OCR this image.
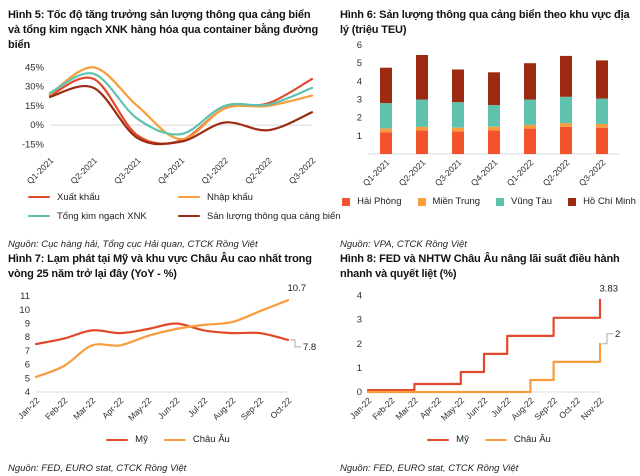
Hình 5: Tốc độ tăng trưởng sản lượng thông qua cảng biển và tổng kim ngạch XNK hàng hóa qua container bằng đường biển
-15%
0%
15%
30%
45%
Q1-2021 Q2-2021 Q3-2021 Q4-2021 Q1-2022 Q2-2022 Q3-2022
Xuất khẩu	Nhập khẩu
Tổng kim ngạch XNK	Sản lượng thông qua cảng biển
Nguồn: Cục hàng hải, Tổng cục Hải quan, CTCK Rồng Việt
Hình 6: Sản lượng thông qua cảng biển theo khu vực địa lý (triệu TEU)
1
2
3
4
5
6
Q1-2021 Q2-2021 Q3-2021 Q4-2021 Q1-2022 Q2-2022 Q3-2022
Hải Phòng	Miền Trung	Vũng Tàu	Hồ Chí Minh
Nguồn: VPA, CTCK Rồng Việt
Hình 7: Lạm phát tại Mỹ và khu vực Châu Âu cao nhất trong vòng 25 năm trở lại đây (YoY - %)
4
5
6
7
8
9
10
11
Jan-22 Feb-22 Mar-22 Apr-22 May-22 Jun-22 Jul-22 Aug-22 Sep-22 Oct-22
10.7
7.8
Mỹ	Châu Âu
Nguồn: FED, EURO stat, CTCK Rồng Việt
Hình 8: FED và NHTW Châu Âu nâng lãi suất điều hành nhanh và quyết liệt (%)
0
1
2
3
4
Jan-22
Feb-22
Mar-22
Apr-22
May-22
Jun-22 Jul-22
Aug-22
Sep-22
Oct-22
Nov-22
3.83
2
Mỹ	Châu Âu
Nguồn: FED, EURO stat, CTCK Rồng Việt
